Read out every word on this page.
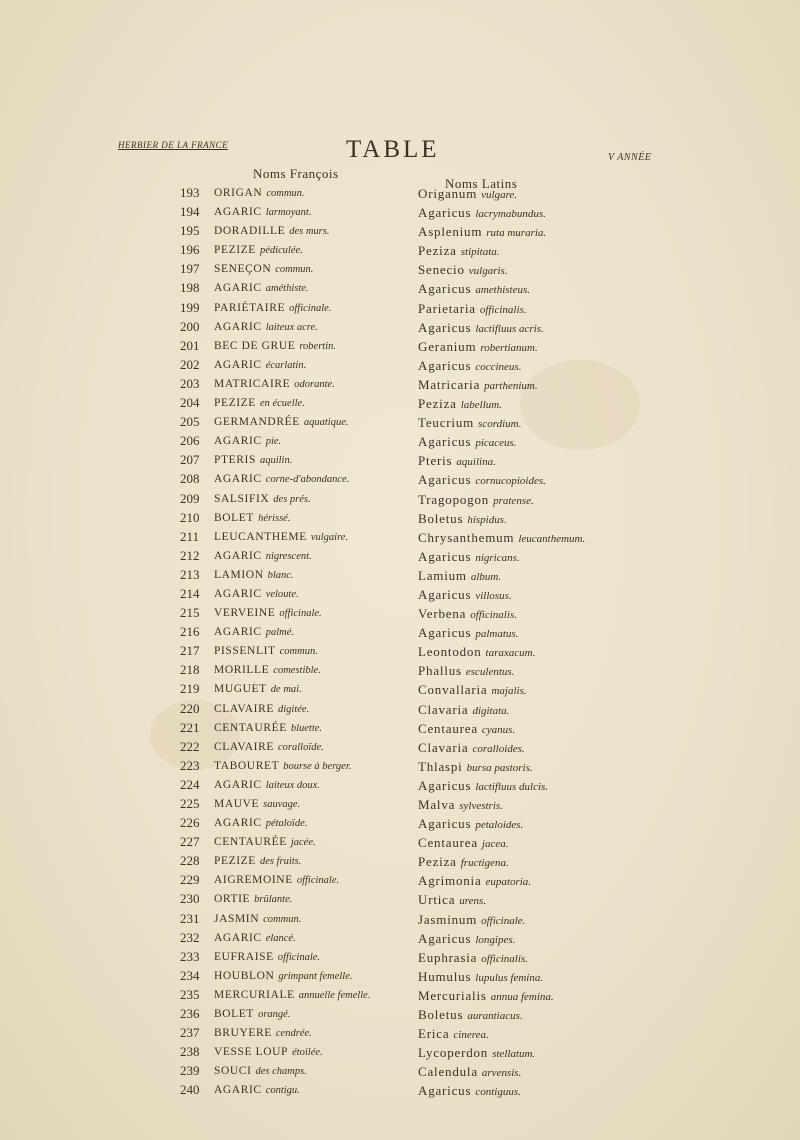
HERBIER DE LA FRANCE	TABLE	V ANNÉE
Noms François
Noms Latins
193	ORIGAN commun.	Origanum vulgare.
194	AGARIC larmoyant.	Agaricus lacrymabundus.
195	DORADILLE des murs.	Asplenium ruta muraria.
196	PEZIZE pédiculée.	Peziza stipitata.
197	SENEÇON commun.	Senecio vulgaris.
198	AGARIC améthiste.	Agaricus amethisteus.
199	PARIÉTAIRE officinale.	Parietaria officinalis.
200	AGARIC laiteux acre.	Agaricus lactifluus acris.
201	BEC DE GRUE robertin.	Geranium robertianum.
202	AGARIC écarlatin.	Agaricus coccineus.
203	MATRICAIRE odorante.	Matricaria parthenium.
204	PEZIZE en écuelle.	Peziza labellum.
205	GERMANDRÉE aquatique.	Teucrium scordium.
206	AGARIC pie.	Agaricus picaceus.
207	PTERIS aquilin.	Pteris aquilina.
208	AGARIC corne-d'abondance.	Agaricus cornucopioides.
209	SALSIFIX des prés.	Tragopogon pratense.
210	BOLET hérissé.	Boletus hispidus.
211	LEUCANTHEME vulgaire.	Chrysanthemum leucanthemum.
212	AGARIC nigrescent.	Agaricus nigricans.
213	LAMION blanc.	Lamium album.
214	AGARIC veloute.	Agaricus villosus.
215	VERVEINE officinale.	Verbena officinalis.
216	AGARIC palmé.	Agaricus palmatus.
217	PISSENLIT commun.	Leontodon taraxacum.
218	MORILLE comestible.	Phallus esculentus.
219	MUGUET de mai.	Convallaria majalis.
220	CLAVAIRE digitée.	Clavaria digitata.
221	CENTAURÉE bluette.	Centaurea cyanus.
222	CLAVAIRE coralloïde.	Clavaria coralloides.
223	TABOURET bourse à berger.	Thlaspi bursa pastoris.
224	AGARIC laiteux doux.	Agaricus lactifluus dulcis.
225	MAUVE sauvage.	Malva sylvestris.
226	AGARIC pétaloïde.	Agaricus petaloides.
227	CENTAURÉE jacée.	Centaurea jacea.
228	PEZIZE des fruits.	Peziza fructigena.
229	AIGREMOINE officinale.	Agrimonia eupatoria.
230	ORTIE brûlante.	Urtica urens.
231	JASMIN commun.	Jasminum officinale.
232	AGARIC elancé.	Agaricus longipes.
233	EUFRAISE officinale.	Euphrasia officinalis.
234	HOUBLON grimpant femelle.	Humulus lupulus femina.
235	MERCURIALE annuelle femelle.	Mercurialis annua femina.
236	BOLET orangé.	Boletus aurantiacus.
237	BRUYERE cendrée.	Erica cinerea.
238	VESSE LOUP étoilée.	Lycoperdon stellatum.
239	SOUCI des champs.	Calendula arvensis.
240	AGARIC contigu.	Agaricus contiguus.
